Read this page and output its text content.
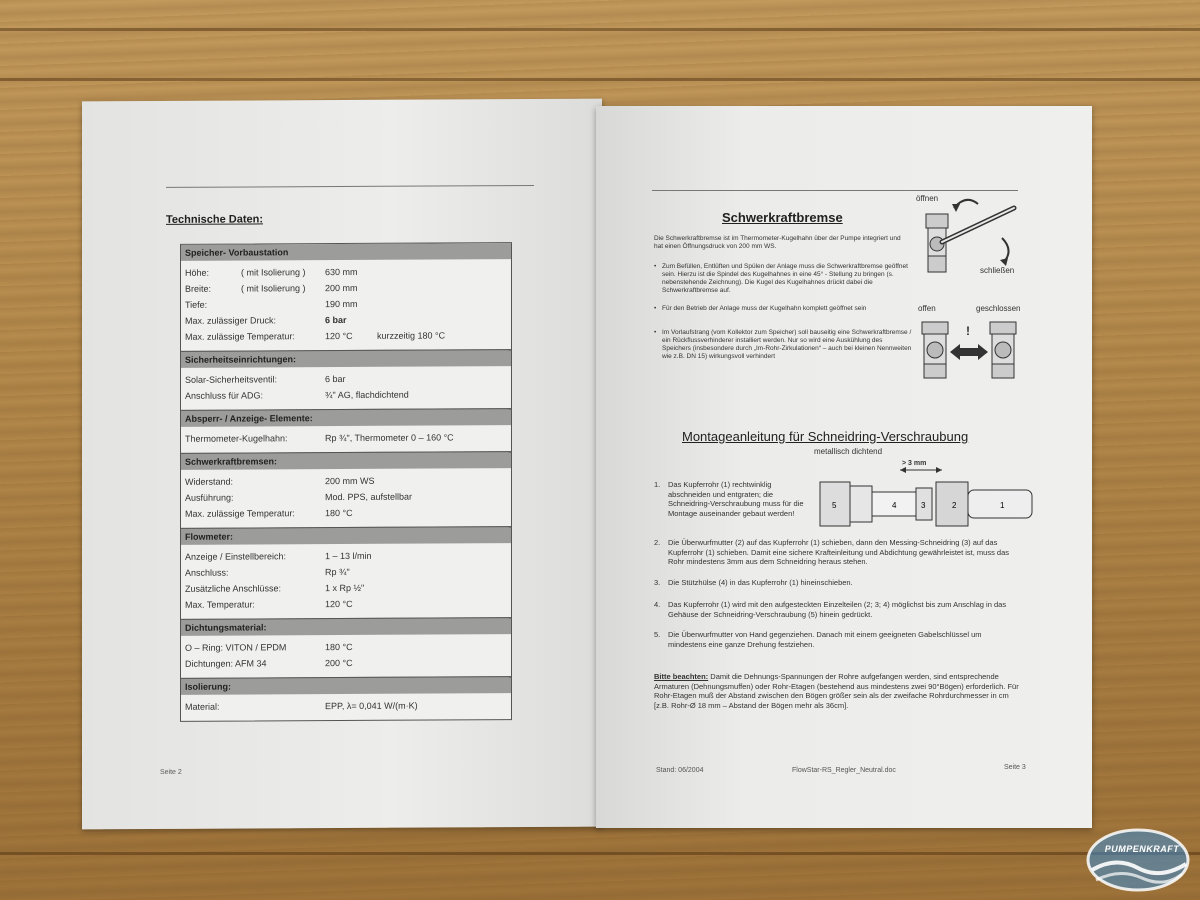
Technische Daten:
Speicher- Vorbaustation
Höhe:	( mit Isolierung )	630 mm
Breite:	( mit Isolierung )	200 mm
Tiefe:	190 mm
Max. zulässiger Druck:	6 bar
Max. zulässige Temperatur:	120 °C	kurzzeitig 180 °C
Sicherheitseinrichtungen:
Solar-Sicherheitsventil:	6 bar
Anschluss für ADG:	¾" AG, flachdichtend
Absperr- / Anzeige- Elemente:
Thermometer-Kugelhahn:	Rp ¾", Thermometer 0 – 160 °C
Schwerkraftbremsen:
Widerstand:	200 mm WS
Ausführung:	Mod. PPS, aufstellbar
Max. zulässige Temperatur:	180 °C
Flowmeter:
Anzeige / Einstellbereich:	1 – 13 l/min
Anschluss:	Rp ¾"
Zusätzliche Anschlüsse:	1 x Rp ½"
Max. Temperatur:	120 °C
Dichtungsmaterial:
O – Ring: VITON / EPDM	180 °C
Dichtungen: AFM 34	200 °C
Isolierung:
Material:	EPP, λ= 0,041 W/(m·K)
Seite 2
Schwerkraftbremse
Die Schwerkraftbremse ist im Thermometer-Kugelhahn über der Pumpe integriert und hat einen Öffnungsdruck von 200 mm WS.
• Zum Befüllen, Entlüften und Spülen der Anlage muss die Schwerkraftbremse geöffnet sein. Hierzu ist die Spindel des Kugelhahnes in eine 45° - Stellung zu bringen (s. nebenstehende Zeichnung). Die Kugel des Kugelhahnes drückt dabei die Schwerkraftbremse auf.
• Für den Betrieb der Anlage muss der Kugelhahn komplett geöffnet sein
• Im Vorlaufstrang (vom Kollektor zum Speicher) soll bauseitig eine Schwerkraftbremse / ein Rückflussverhinderer installiert werden. Nur so wird eine Auskühlung des Speichers (insbesondere durch „Im-Rohr-Zirkulationen“ – auch bei kleinen Nennweiten wie z.B. DN 15) wirkungsvoll verhindert
öffnen
schließen
offen	geschlossen
!
Montageanleitung für Schneidring-Verschraubung
metallisch dichtend
5	4	3	2	1
> 3 mm
1.	Das Kupferrohr (1) rechtwinklig abschneiden und entgraten; die Schneidring-Verschraubung muss für die Montage auseinander gebaut werden!
2.	Die Überwurfmutter (2) auf das Kupferrohr (1) schieben, dann den Messing-Schneidring (3) auf das Kupferrohr (1) schieben. Damit eine sichere Krafteinleitung und Abdichtung gewährleistet ist, muss das Rohr mindestens 3mm aus dem Schneidring heraus stehen.
3.	Die Stützhülse (4) in das Kupferrohr (1) hineinschieben.
4.	Das Kupferrohr (1) wird mit den aufgesteckten Einzelteilen (2; 3; 4) möglichst bis zum Anschlag in das Gehäuse der Schneidring-Verschraubung (5) hinein gedrückt.
5.	Die Überwurfmutter von Hand gegenziehen. Danach mit einem geeigneten Gabelschlüssel um mindestens eine ganze Drehung festziehen.
Bitte beachten: Damit die Dehnungs-Spannungen der Rohre aufgefangen werden, sind entsprechende Armaturen (Dehnungsmuffen) oder Rohr-Etagen (bestehend aus mindestens zwei 90°Bögen) erforderlich. Für Rohr-Etagen muß der Abstand zwischen den Bögen größer sein als der zweifache Rohrdurchmesser in cm
[z.B. Rohr-Ø 18 mm – Abstand der Bögen mehr als 36cm].
Stand: 06/2004	FlowStar-RS_Regler_Neutral.doc	Seite 3
PUMPENKRAFT
